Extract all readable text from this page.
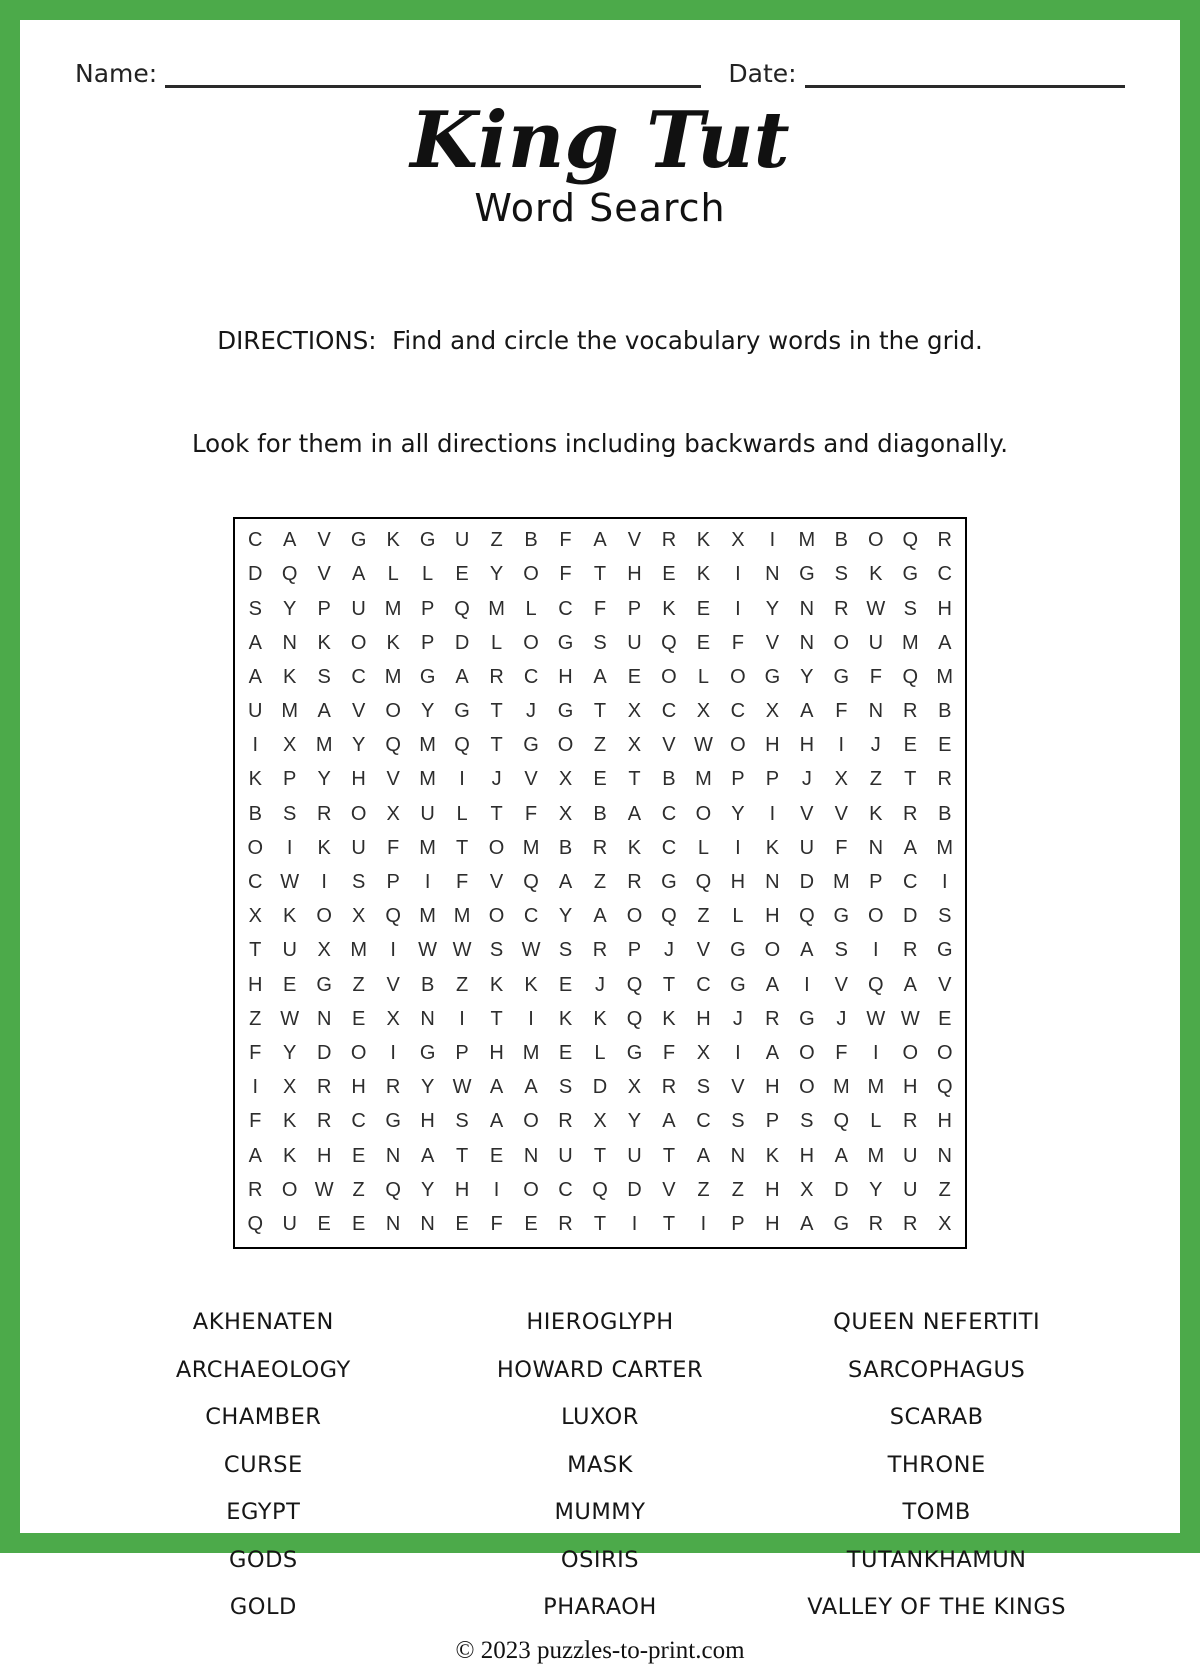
Name:	Date:
King Tut
Word Search

DIRECTIONS:  Find and circle the vocabulary words in the grid.

Look for them in all directions including backwards and diagonally.

C	A	V	G	K	G U	Z	B	F	A	V	R	K	X	I	M B	O Q R
D Q	V	A	L	L	E	Y	O	F	T	H	E	K	I	N G	S	K	G C
S	Y	P	U M P	Q M	L	C	F	P	K	E	I	Y	N	R W S	H
A	N	K	O	K	P	D	L	O G	S	U Q	E	F	V	N O U M A
A	K	S	C M G	A	R	C	H	A	E	O	L	O G	Y	G	F	Q M
U M A	V	O	Y	G	T	J	G	T	X	C	X	C	X	A	F	N	R	B
I	X M Y	Q M Q	T	G O	Z	X	V W O H	H	I	J	E	E
K	P	Y	H	V M	I	J	V	X	E	T	B M P	P	J	X	Z	T	R
B	S	R O	X	U	L	T	F	X	B	A	C O	Y	I	V	V	K	R	B
O	I	K	U	F	M	T	O M B	R	K	C	L	I	K	U	F	N	A M
C W	I	S	P	I	F	V	Q	A	Z	R G Q H	N	D M P	C	I
X	K	O	X	Q M M O C	Y	A	O Q	Z	L	H Q G O D	S
T	U	X M	I	W W S W S	R	P	J	V	G O	A	S	I	R G
H	E	G	Z	V	B	Z	K	K	E	J	Q	T	C G	A	I	V	Q	A	V
Z W N	E	X	N	I	T	I	K	K	Q	K	H	J	R G	J	W W E
F	Y	D O	I	G	P	H M E	L	G	F	X	I	A	O	F	I	O O
I	X	R	H	R	Y W A	A	S	D	X	R	S	V	H O M M H Q
F	K	R	C G H	S	A	O R	X	Y	A	C	S	P	S	Q	L	R	H
A	K	H	E	N	A	T	E	N	U	T	U	T	A	N	K	H	A M U	N
R O W Z	Q	Y	H	I	O C Q D	V	Z	Z	H	X	D	Y	U	Z
Q U	E	E	N	N	E	F	E	R	T	I	T	I	P	H	A	G R	R	X
AKHENATEN
ARCHAEOLOGY
CHAMBER
CURSE
EGYPT
GODS
GOLD
HIEROGLYPH
HOWARD CARTER
LUXOR
MASK
MUMMY
OSIRIS
PHARAOH
QUEEN NEFERTITI
SARCOPHAGUS
SCARAB
THRONE
TOMB
TUTANKHAMUN
VALLEY OF THE KINGS
© 2023 puzzles-to-print.com
